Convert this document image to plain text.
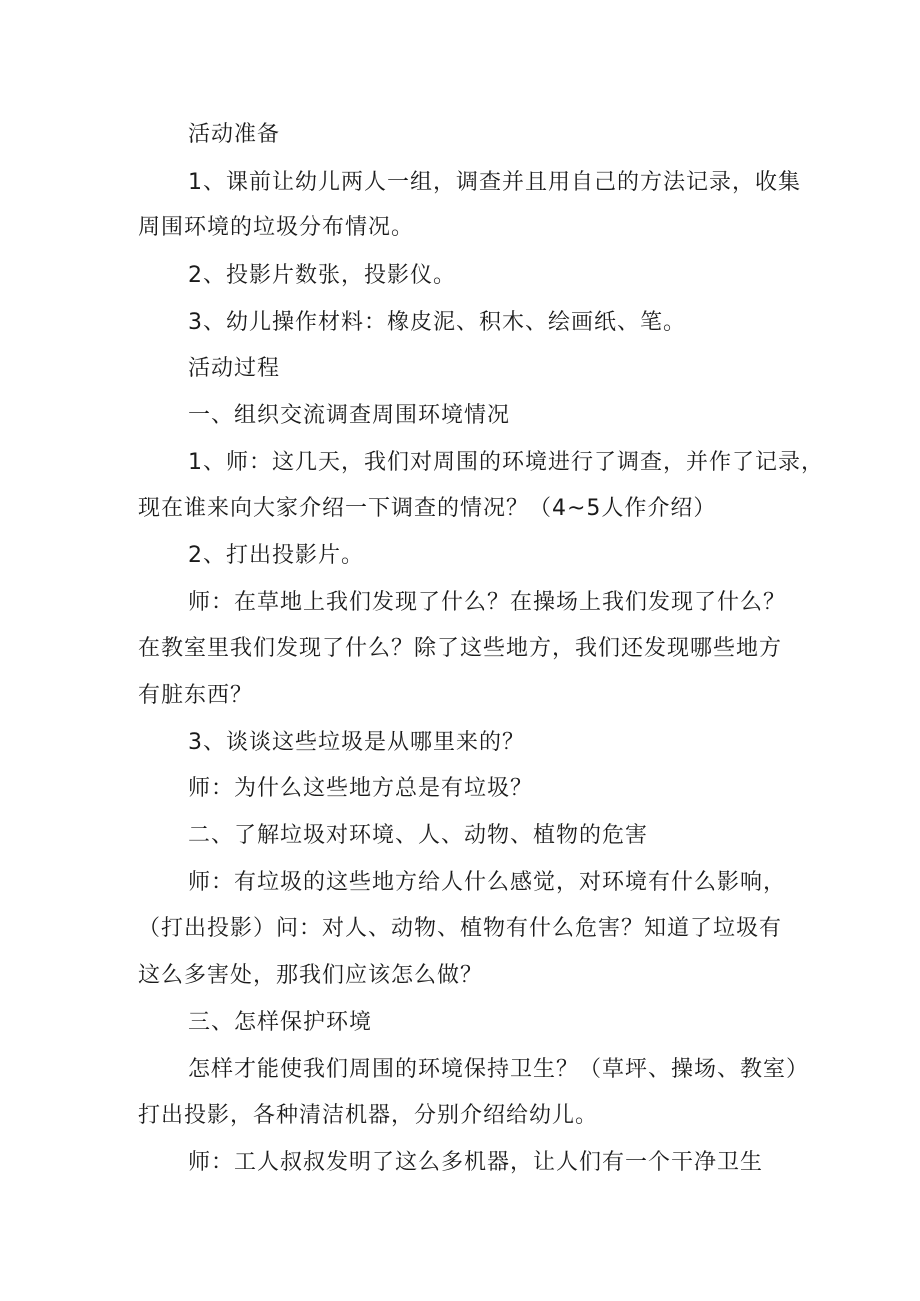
活动准备
1、课前让幼儿两人一组，调查并且用自己的方法记录，收集
周围环境的垃圾分布情况。
2、投影片数张，投影仪。
3、幼儿操作材料：橡皮泥、积木、绘画纸、笔。
活动过程
一、组织交流调查周围环境情况
1、师：这几天，我们对周围的环境进行了调查，并作了记录，
现在谁来向大家介绍一下调查的情况？（4~5人作介绍）
2、打出投影片。
师：在草地上我们发现了什么？在操场上我们发现了什么？
在教室里我们发现了什么？除了这些地方，我们还发现哪些地方
有脏东西？
3、谈谈这些垃圾是从哪里来的？
师：为什么这些地方总是有垃圾？
二、了解垃圾对环境、人、动物、植物的危害
师：有垃圾的这些地方给人什么感觉，对环境有什么影响，
（打出投影）问：对人、动物、植物有什么危害？知道了垃圾有
这么多害处，那我们应该怎么做？
三、怎样保护环境
怎样才能使我们周围的环境保持卫生？（草坪、操场、教室）
打出投影，各种清洁机器，分别介绍给幼儿。
师：工人叔叔发明了这么多机器，让人们有一个干净卫生
